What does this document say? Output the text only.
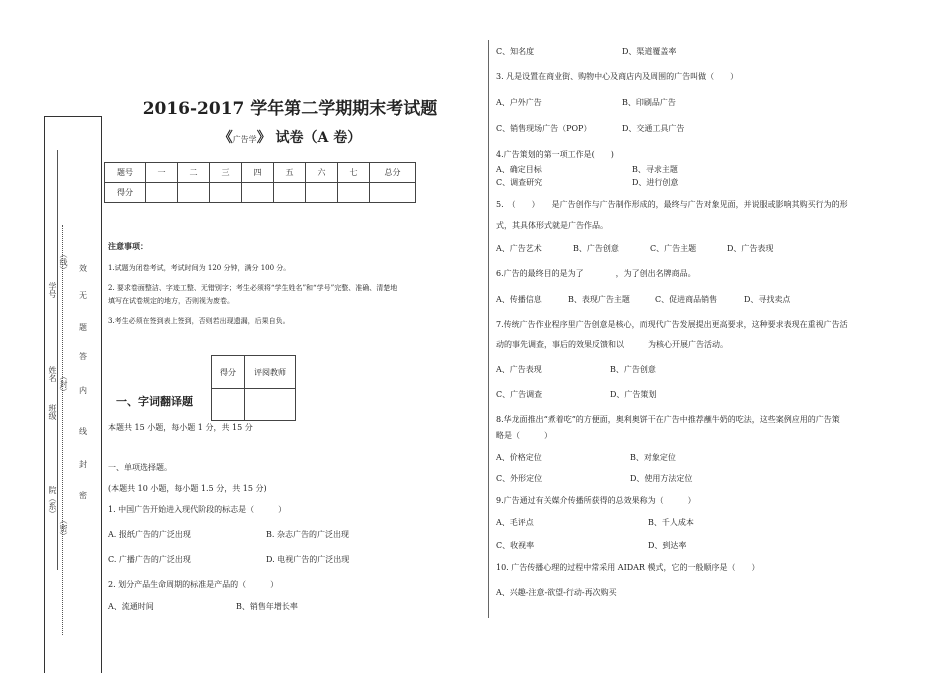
学号
（线）
姓名 （封）
班级
院（系）
（密）
效
无
题
答
内
线
封
密
2016-2017 学年第二学期期末考试题
《广告学》 试卷（A 卷）
题号	一	二	三	四	五	六	七	总分
得分								
注意事项：
1.试题为闭卷考试，考试时间为 120 分钟，满分 100 分。
2. 要求卷面整洁、字迹工整、无错别字；考生必须将“学生姓名”和“学号”完整、准确、清楚地
填写在试卷规定的地方，否则视为废卷。
3.考生必须在签到表上签到，否则若出现遗漏，后果自负。
得分	评阅教师

一、字词翻译题
本题共 15 小题，每小题 1 分，共 15 分
一、单项选择题。
(本题共 10 小题，每小题 1.5 分，共 15 分)
1. 中国广告开始进入现代阶段的标志是（　　　）
A. 报纸广告的广泛出现	B. 杂志广告的广泛出现
C. 广播广告的广泛出现	D. 电视广告的广泛出现
2. 划分产品生命周期的标准是产品的（　　　）
A、流通时间	B、销售年增长率
C、知名度	D、渠道覆盖率
3. 凡是设置在商业街、购物中心及商店内及周围的广告叫做（　　）
A、户外广告	B、印刷品广告
C、销售现场广告（POP）	D、交通工具广告
4.广告策划的第一项工作是(　　)
A、确定目标	B、寻求主题
C、调查研究	D、进行创意
5.　（　　）　　是广告创作与广告制作形成的，最终与广告对象见面，并说服或影响其购买行为的形
式，其具体形式就是广告作品。
A、广告艺术	B、广告创意	C、广告主题	D、广告表现
6.广告的最终目的是为了　　　　，为了创出名牌商品。
A、传播信息	B、表现广告主题	C、促进商品销售	D、寻找卖点
7.传统广告作业程序里广告创意是核心，而现代广告发展提出更高要求，这种要求表现在重视广告活
动的事先调查，事后的效果反馈和以　　　为核心开展广告活动。
A、广告表现	B、广告创意
C、广告调查	D、广告策划
8.华龙面推出“煮着吃”的方便面，奥利奥饼干在广告中推荐蘸牛奶的吃法，这些案例应用的广告策
略是（　　　）
A、价格定位	B、对象定位
C、外形定位	D、使用方法定位
9.广告通过有关媒介传播所获得的总效果称为（　　　）
A、毛评点	B、千人成本
C、收视率	D、到达率
10. 广告传播心理的过程中常采用 AIDAR 模式，它的一般顺序是（　　）
A、兴趣-注意-欲望-行动-再次购买
